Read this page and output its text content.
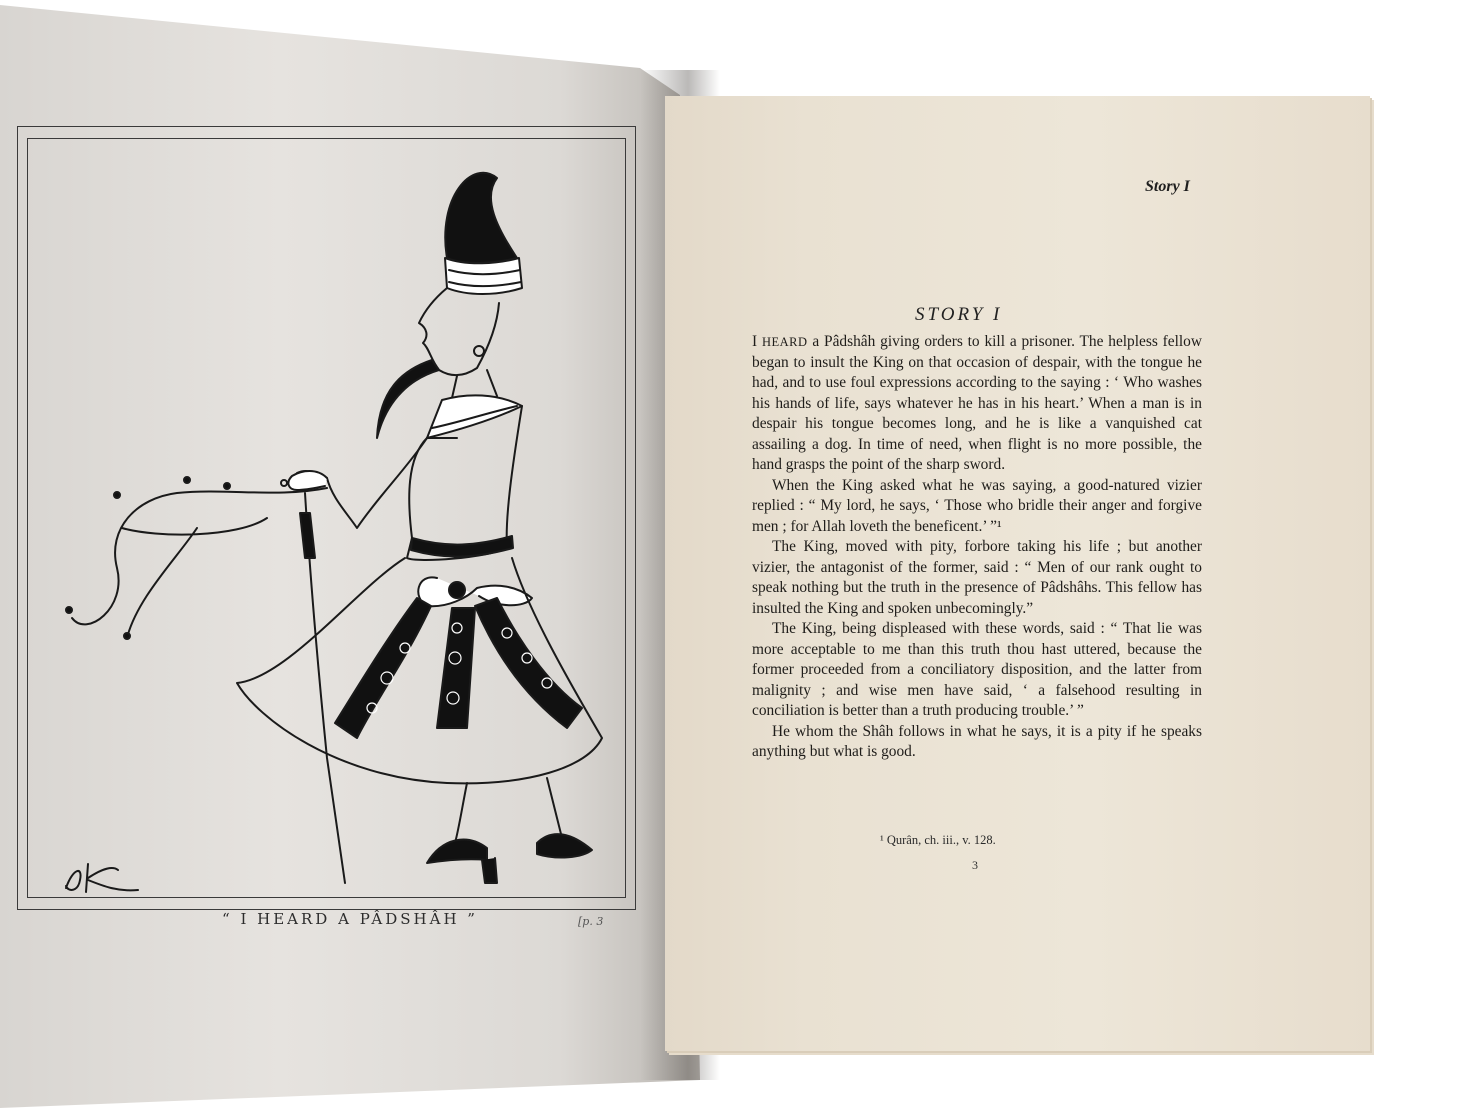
“ I HEARD A PÂDSHÂH ”	[p. 3
Story I
STORY I

I HEARD a Pâdshâh giving orders to kill a prisoner. The helpless fellow began to insult the King on that occasion of despair, with the tongue he had, and to use foul expressions according to the saying : ‘ Who washes his hands of life, says whatever he has in his heart.’ When a man is in despair his tongue becomes long, and he is like a vanquished cat assailing a dog. In time of need, when flight is no more possible, the hand grasps the point of the sharp sword.

When the King asked what he was saying, a good-natured vizier replied : “ My lord, he says, ‘ Those who bridle their anger and forgive men ; for Allah loveth the beneficent.’ ”¹

The King, moved with pity, forbore taking his life ; but another vizier, the antagonist of the former, said : “ Men of our rank ought to speak nothing but the truth in the presence of Pâdshâhs. This fellow has insulted the King and spoken unbecomingly.”

The King, being displeased with these words, said : “ That lie was more acceptable to me than this truth thou hast uttered, because the former proceeded from a conciliatory disposition, and the latter from malignity ; and wise men have said, ‘ a falsehood resulting in conciliation is better than a truth producing trouble.’ ”

He whom the Shâh follows in what he says, it is a pity if he speaks anything but what is good.

¹ Qurân, ch. iii., v. 128.
3
